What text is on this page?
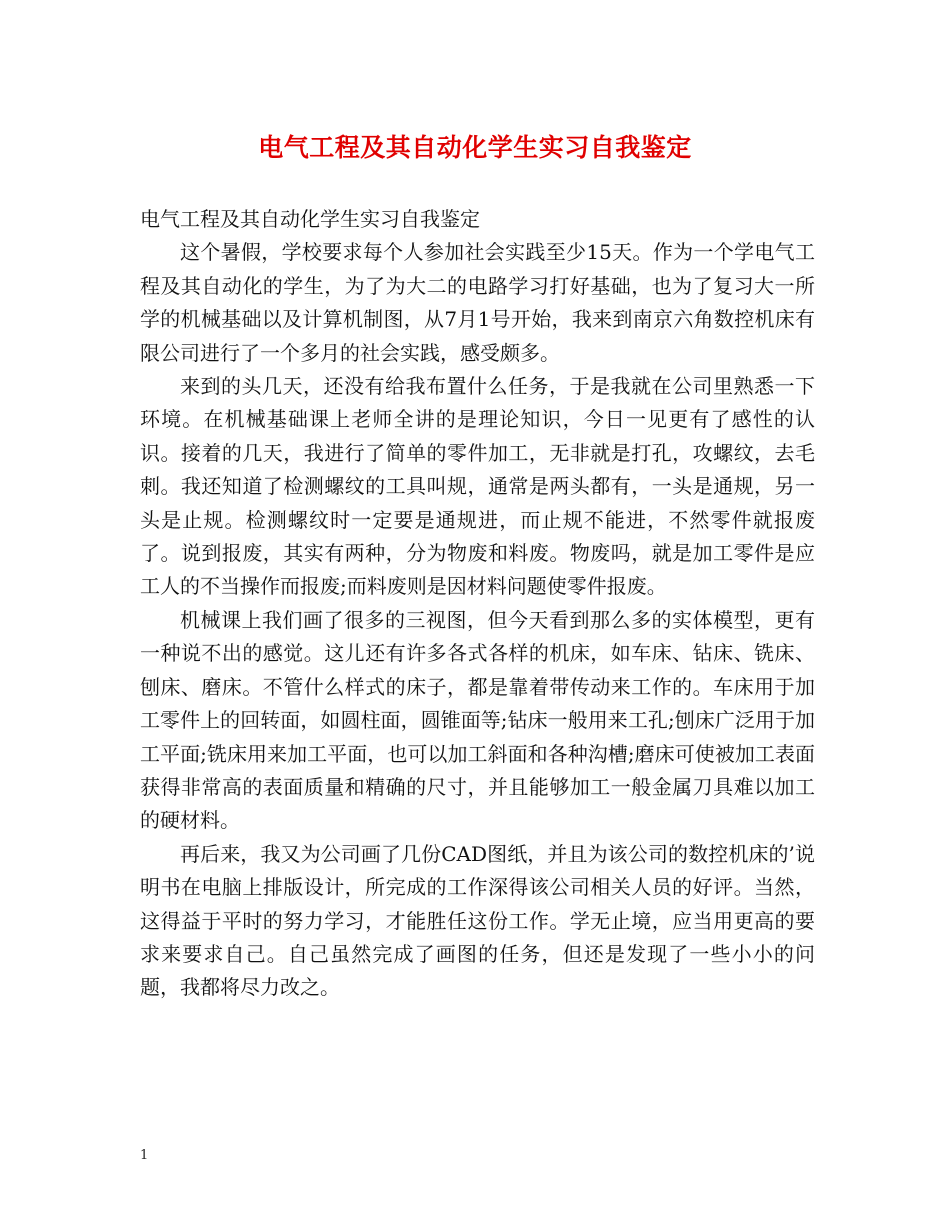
电气工程及其自动化学生实习自我鉴定

电气工程及其自动化学生实习自我鉴定

这个暑假，学校要求每个人参加社会实践至少15天。作为一个学电气工程及其自动化的学生，为了为大二的电路学习打好基础，也为了复习大一所学的机械基础以及计算机制图，从7月1号开始，我来到南京六角数控机床有限公司进行了一个多月的社会实践，感受颇多。

来到的头几天，还没有给我布置什么任务，于是我就在公司里熟悉一下环境。在机械基础课上老师全讲的是理论知识，今日一见更有了感性的认识。接着的几天，我进行了简单的零件加工，无非就是打孔，攻螺纹，去毛刺。我还知道了检测螺纹的工具叫规，通常是两头都有，一头是通规，另一头是止规。检测螺纹时一定要是通规进，而止规不能进，不然零件就报废了。说到报废，其实有两种，分为物废和料废。物废吗，就是加工零件是应工人的不当操作而报废;而料废则是因材料问题使零件报废。

机械课上我们画了很多的三视图，但今天看到那么多的实体模型，更有一种说不出的感觉。这儿还有许多各式各样的机床，如车床、钻床、铣床、刨床、磨床。不管什么样式的床子，都是靠着带传动来工作的。车床用于加工零件上的回转面，如圆柱面，圆锥面等;钻床一般用来工孔;刨床广泛用于加工平面;铣床用来加工平面，也可以加工斜面和各种沟槽;磨床可使被加工表面获得非常高的表面质量和精确的尺寸，并且能够加工一般金属刀具难以加工的硬材料。

再后来，我又为公司画了几份CAD图纸，并且为该公司的数控机床的’说明书在电脑上排版设计，所完成的工作深得该公司相关人员的好评。当然，这得益于平时的努力学习，才能胜任这份工作。学无止境，应当用更高的要求来要求自己。自己虽然完成了画图的任务，但还是发现了一些小小的问题，我都将尽力改之。

1
